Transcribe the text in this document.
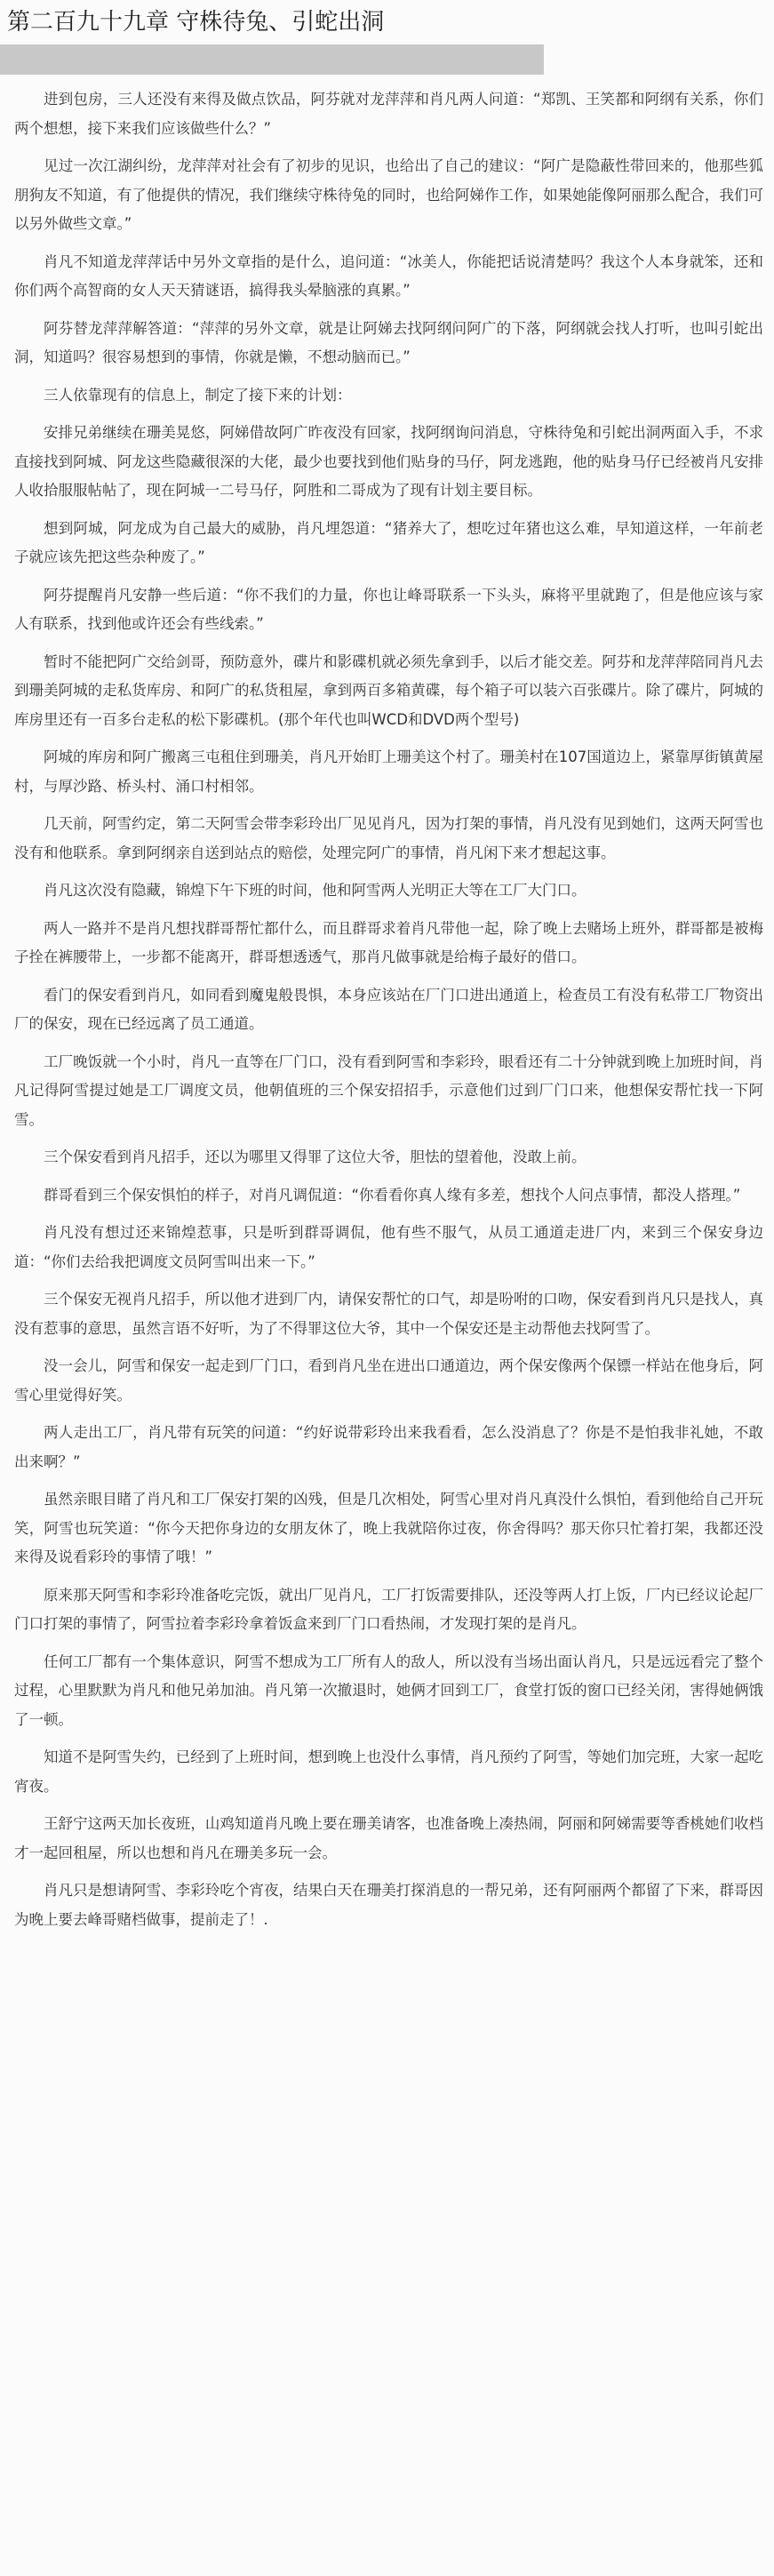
第二百九十九章 守株待兔、引蛇出洞

进到包房，三人还没有来得及做点饮品，阿芬就对龙萍萍和肖凡两人问道：“郑凯、王笑都和阿纲有关系，你们两个想想，接下来我们应该做些什么？”

见过一次江湖纠纷，龙萍萍对社会有了初步的见识，也给出了自己的建议：“阿广是隐蔽性带回来的，他那些狐朋狗友不知道，有了他提供的情况，我们继续守株待兔的同时，也给阿娣作工作，如果她能像阿丽那么配合，我们可以另外做些文章。”

肖凡不知道龙萍萍话中另外文章指的是什么，追问道：“冰美人，你能把话说清楚吗？我这个人本身就笨，还和你们两个高智商的女人天天猜谜语，搞得我头晕脑涨的真累。”

阿芬替龙萍萍解答道：“萍萍的另外文章，就是让阿娣去找阿纲问阿广的下落，阿纲就会找人打听，也叫引蛇出洞，知道吗？很容易想到的事情，你就是懒，不想动脑而已。”

三人依靠现有的信息上，制定了接下来的计划：

安排兄弟继续在珊美晃悠，阿娣借故阿广昨夜没有回家，找阿纲询问消息，守株待兔和引蛇出洞两面入手，不求直接找到阿城、阿龙这些隐藏很深的大佬，最少也要找到他们贴身的马仔，阿龙逃跑，他的贴身马仔已经被肖凡安排人收拾服服帖帖了，现在阿城一二号马仔，阿胜和二哥成为了现有计划主要目标。

想到阿城，阿龙成为自己最大的威胁，肖凡埋怨道：“猪养大了，想吃过年猪也这么难，早知道这样，一年前老子就应该先把这些杂种废了。”

阿芬提醒肖凡安静一些后道：“你不我们的力量，你也让峰哥联系一下头头，麻将平里就跑了，但是他应该与家人有联系，找到他或许还会有些线索。”

暂时不能把阿广交给剑哥，预防意外，碟片和影碟机就必须先拿到手，以后才能交差。阿芬和龙萍萍陪同肖凡去到珊美阿城的走私货库房、和阿广的私货租屋，拿到两百多箱黄碟，每个箱子可以装六百张碟片。除了碟片，阿城的库房里还有一百多台走私的松下影碟机。(那个年代也叫WCD和DVD两个型号)

阿城的库房和阿广搬离三屯租住到珊美，肖凡开始盯上珊美这个村了。珊美村在107国道边上，紧靠厚街镇黄屋村，与厚沙路、桥头村、涌口村相邻。

几天前，阿雪约定，第二天阿雪会带李彩玲出厂见见肖凡，因为打架的事情，肖凡没有见到她们，这两天阿雪也没有和他联系。拿到阿纲亲自送到站点的赔偿，处理完阿广的事情，肖凡闲下来才想起这事。

肖凡这次没有隐藏，锦煌下午下班的时间，他和阿雪两人光明正大等在工厂大门口。

两人一路并不是肖凡想找群哥帮忙都什么，而且群哥求着肖凡带他一起，除了晚上去赌场上班外，群哥都是被梅子拴在裤腰带上，一步都不能离开，群哥想透透气，那肖凡做事就是给梅子最好的借口。

看门的保安看到肖凡，如同看到魔鬼般畏惧，本身应该站在厂门口进出通道上，检查员工有没有私带工厂物资出厂的保安，现在已经远离了员工通道。

工厂晚饭就一个小时，肖凡一直等在厂门口，没有看到阿雪和李彩玲，眼看还有二十分钟就到晚上加班时间，肖凡记得阿雪提过她是工厂调度文员，他朝值班的三个保安招招手，示意他们过到厂门口来，他想保安帮忙找一下阿雪。

三个保安看到肖凡招手，还以为哪里又得罪了这位大爷，胆怯的望着他，没敢上前。

群哥看到三个保安惧怕的样子，对肖凡调侃道：“你看看你真人缘有多差，想找个人问点事情，都没人搭理。”

肖凡没有想过还来锦煌惹事，只是听到群哥调侃，他有些不服气，从员工通道走进厂内，来到三个保安身边道：“你们去给我把调度文员阿雪叫出来一下。”

三个保安无视肖凡招手，所以他才进到厂内，请保安帮忙的口气，却是吩咐的口吻，保安看到肖凡只是找人，真没有惹事的意思，虽然言语不好听，为了不得罪这位大爷，其中一个保安还是主动帮他去找阿雪了。

没一会儿，阿雪和保安一起走到厂门口，看到肖凡坐在进出口通道边，两个保安像两个保镖一样站在他身后，阿雪心里觉得好笑。

两人走出工厂，肖凡带有玩笑的问道：“约好说带彩玲出来我看看，怎么没消息了？你是不是怕我非礼她，不敢出来啊？”

虽然亲眼目睹了肖凡和工厂保安打架的凶残，但是几次相处，阿雪心里对肖凡真没什么惧怕，看到他给自己开玩笑，阿雪也玩笑道：“你今天把你身边的女朋友休了，晚上我就陪你过夜，你舍得吗？那天你只忙着打架，我都还没来得及说看彩玲的事情了哦！”

原来那天阿雪和李彩玲准备吃完饭，就出厂见肖凡，工厂打饭需要排队，还没等两人打上饭，厂内已经议论起厂门口打架的事情了，阿雪拉着李彩玲拿着饭盒来到厂门口看热闹，才发现打架的是肖凡。

任何工厂都有一个集体意识，阿雪不想成为工厂所有人的敌人，所以没有当场出面认肖凡，只是远远看完了整个过程，心里默默为肖凡和他兄弟加油。肖凡第一次撤退时，她俩才回到工厂，食堂打饭的窗口已经关闭，害得她俩饿了一顿。

知道不是阿雪失约，已经到了上班时间，想到晚上也没什么事情，肖凡预约了阿雪，等她们加完班，大家一起吃宵夜。

王舒宁这两天加长夜班，山鸡知道肖凡晚上要在珊美请客，也准备晚上凑热闹，阿丽和阿娣需要等香桃她们收档才一起回租屋，所以也想和肖凡在珊美多玩一会。

肖凡只是想请阿雪、李彩玲吃个宵夜，结果白天在珊美打探消息的一帮兄弟，还有阿丽两个都留了下来，群哥因为晚上要去峰哥赌档做事，提前走了！.
